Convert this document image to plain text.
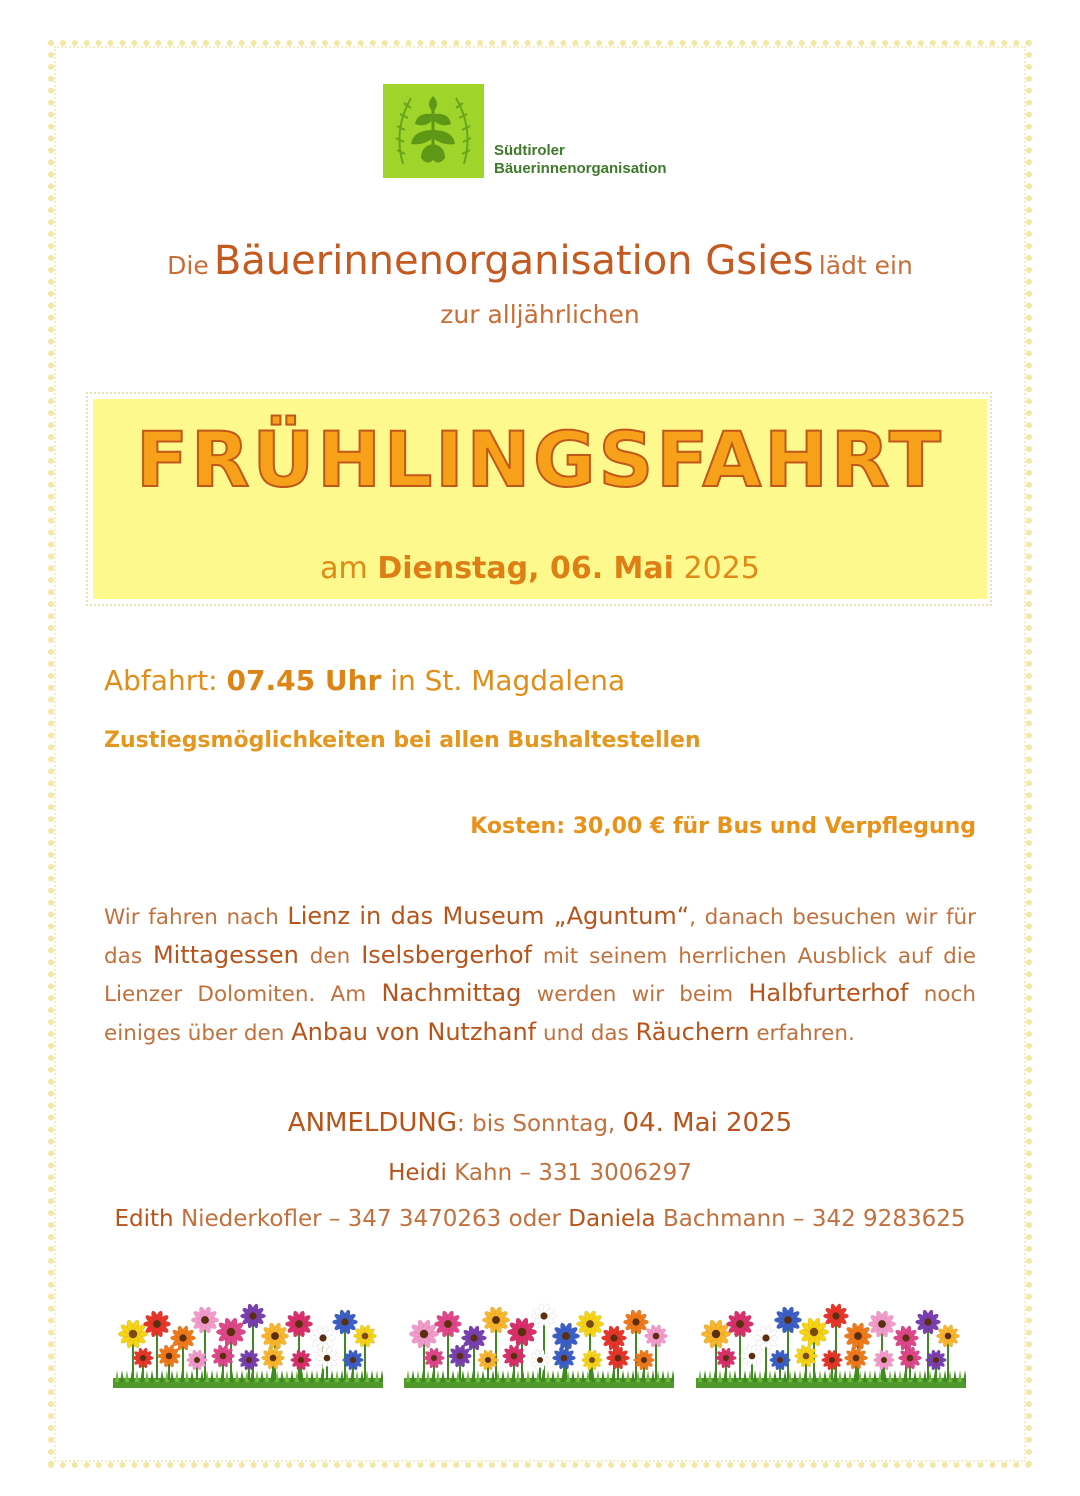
Südtiroler
Bäuerinnenorganisation
Die Bäuerinnenorganisation Gsies lädt ein
zur alljährlichen
FRÜHLINGSFAHRT
am Dienstag, 06. Mai 2025
Abfahrt: 07.45 Uhr in St. Magdalena
Zustiegsmöglichkeiten bei allen Bushaltestellen
Kosten: 30,00 € für Bus und Verpflegung
Wir fahren nach Lienz in das Museum „Aguntum“, danach besuchen wir für das Mittagessen den Iselsbergerhof mit seinem herrlichen Ausblick auf die Lienzer Dolomiten. Am Nachmittag werden wir beim Halbfurterhof noch einiges über den Anbau von Nutzhanf und das Räuchern erfahren.
ANMELDUNG: bis Sonntag, 04. Mai 2025
Heidi Kahn – 331 3006297
Edith Niederkofler – 347 3470263 oder Daniela Bachmann – 342 9283625
